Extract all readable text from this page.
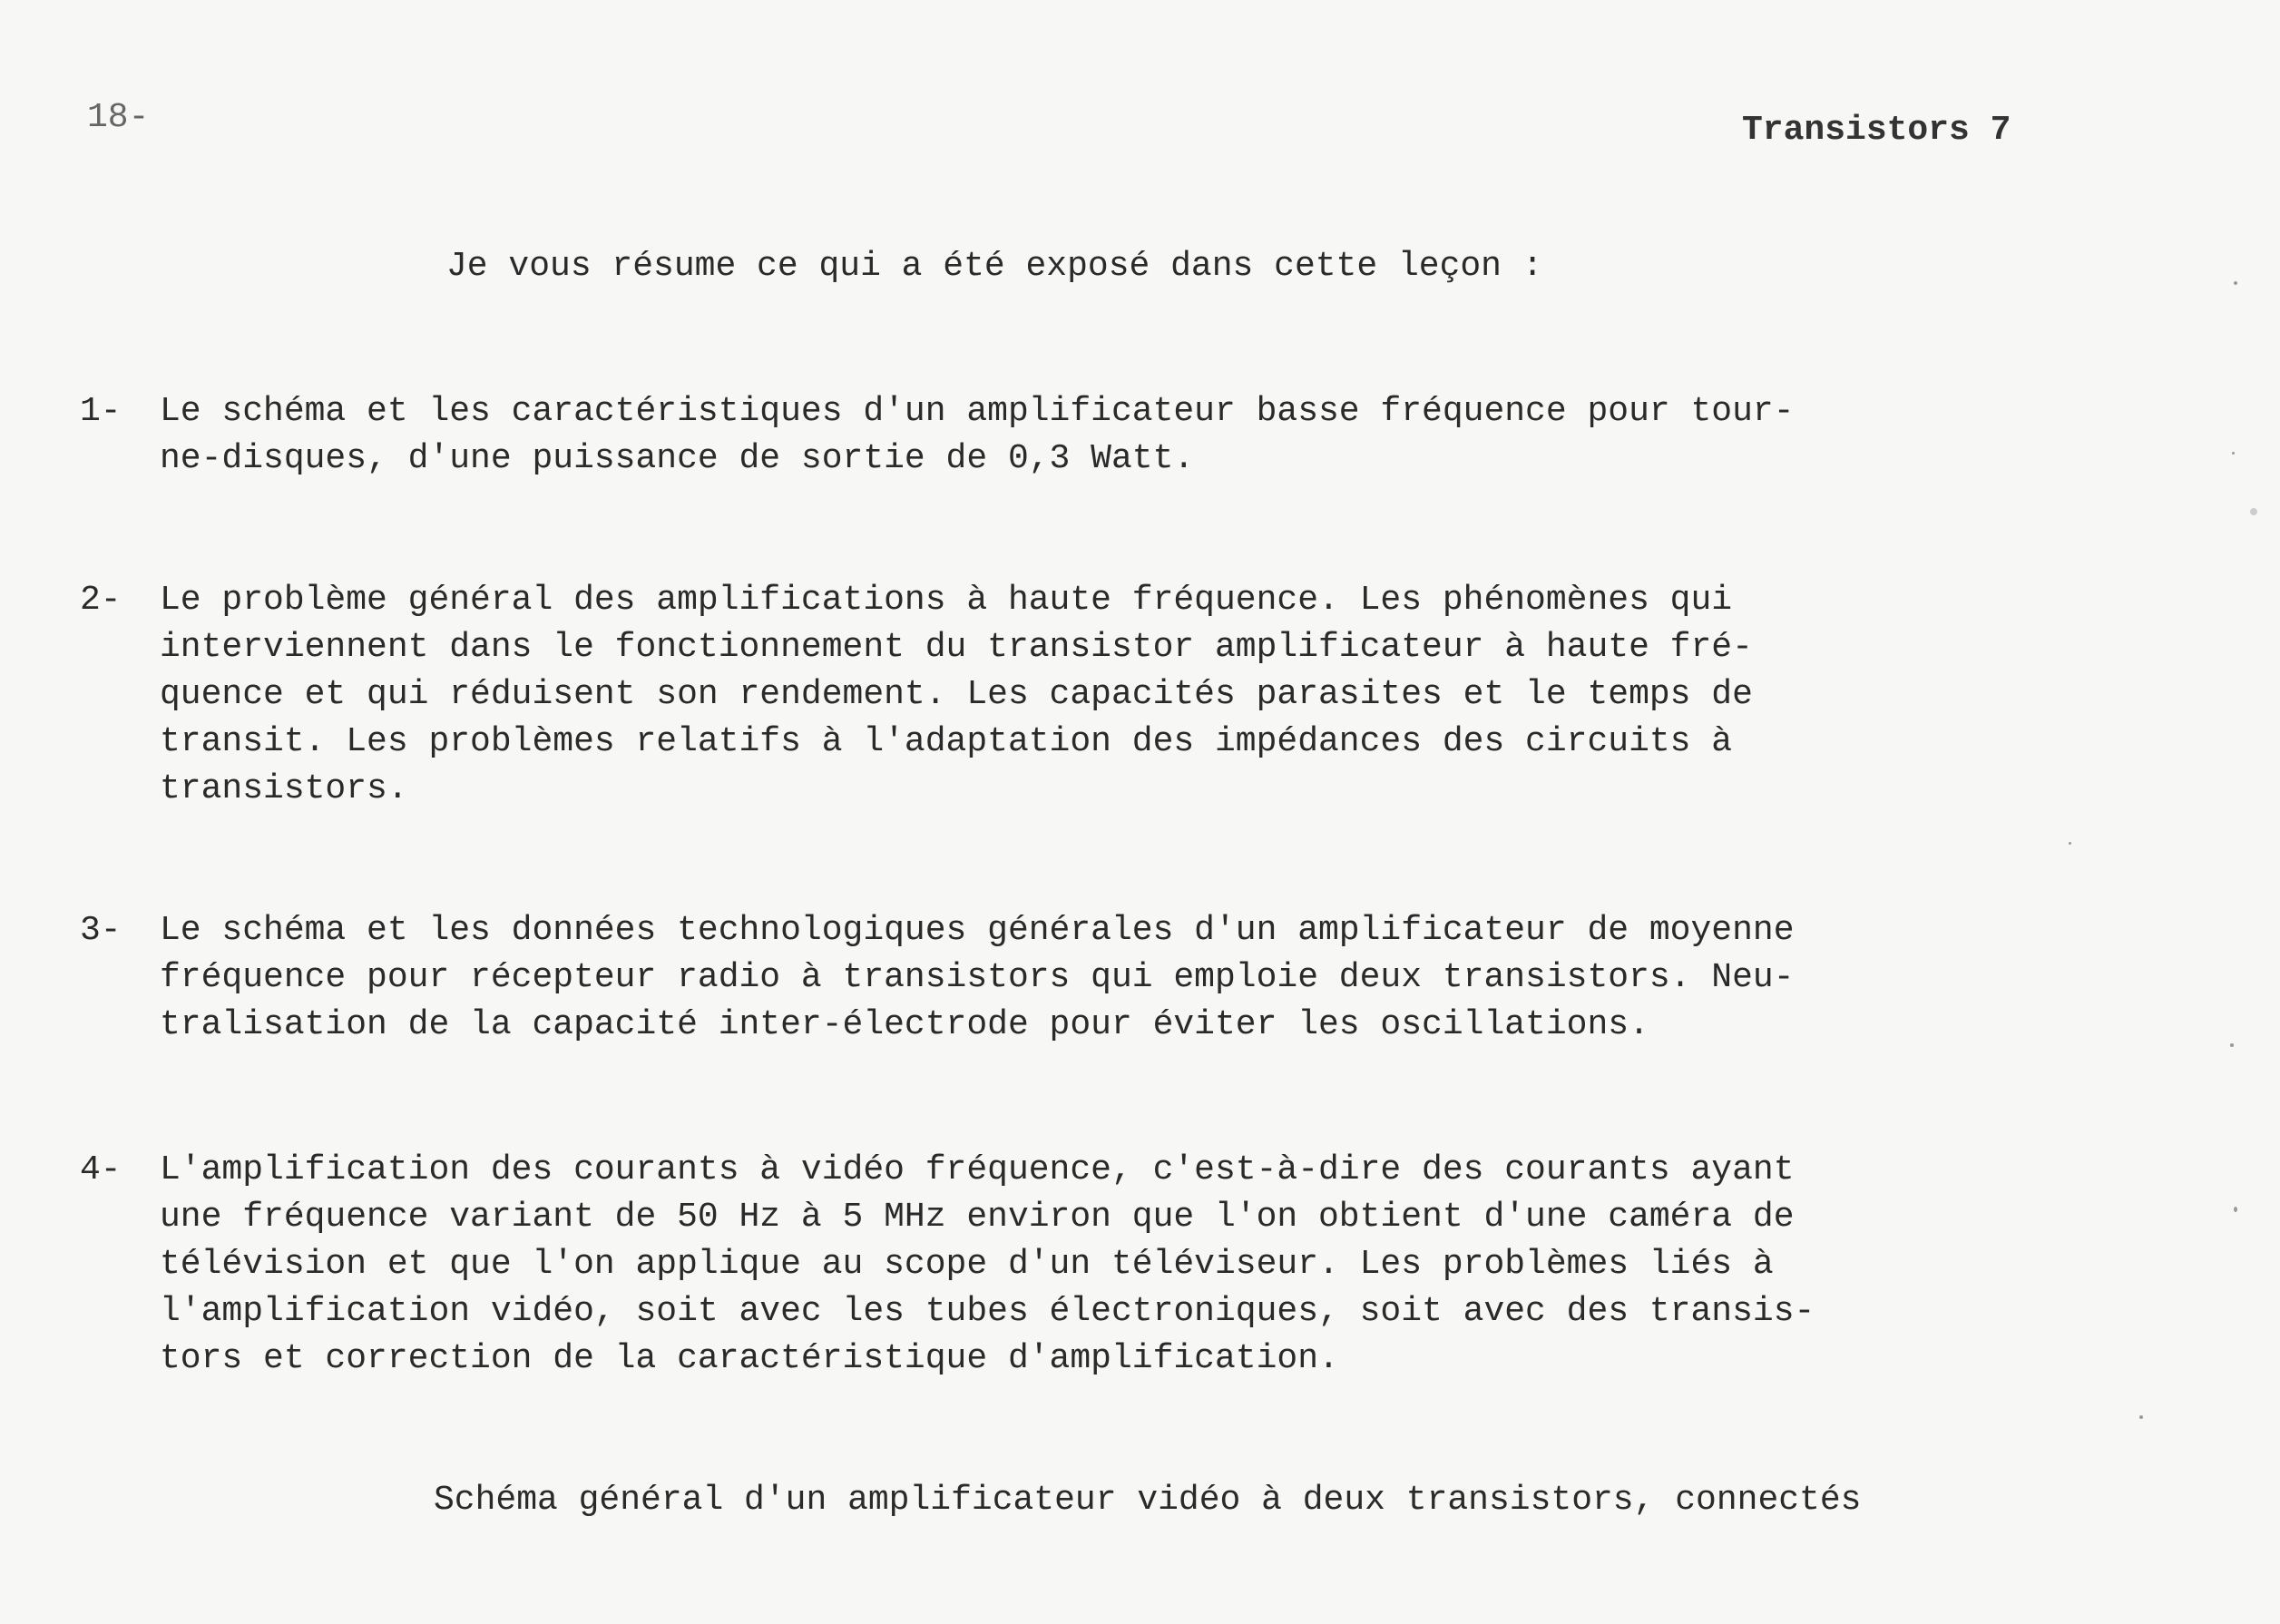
18-	Transistors 7
Je vous résume ce qui a été exposé dans cette leçon :
1- Le schéma et les caractéristiques d'un amplificateur basse fréquence pour tour-
ne-disques, d'une puissance de sortie de 0,3 Watt.
2- Le problème général des amplifications à haute fréquence. Les phénomènes qui
interviennent dans le fonctionnement du transistor amplificateur à haute fré-
quence et qui réduisent son rendement. Les capacités parasites et le temps de
transit. Les problèmes relatifs à l'adaptation des impédances des circuits à
transistors.
3- Le schéma et les données technologiques générales d'un amplificateur de moyenne
fréquence pour récepteur radio à transistors qui emploie deux transistors. Neu-
tralisation de la capacité inter-électrode pour éviter les oscillations.
4- L'amplification des courants à vidéo fréquence, c'est-à-dire des courants ayant
une fréquence variant de 50 Hz à 5 MHz environ que l'on obtient d'une caméra de
télévision et que l'on applique au scope d'un téléviseur. Les problèmes liés à
l'amplification vidéo, soit avec les tubes électroniques, soit avec des transis-
tors et correction de la caractéristique d'amplification.
Schéma général d'un amplificateur vidéo à deux transistors, connectés
